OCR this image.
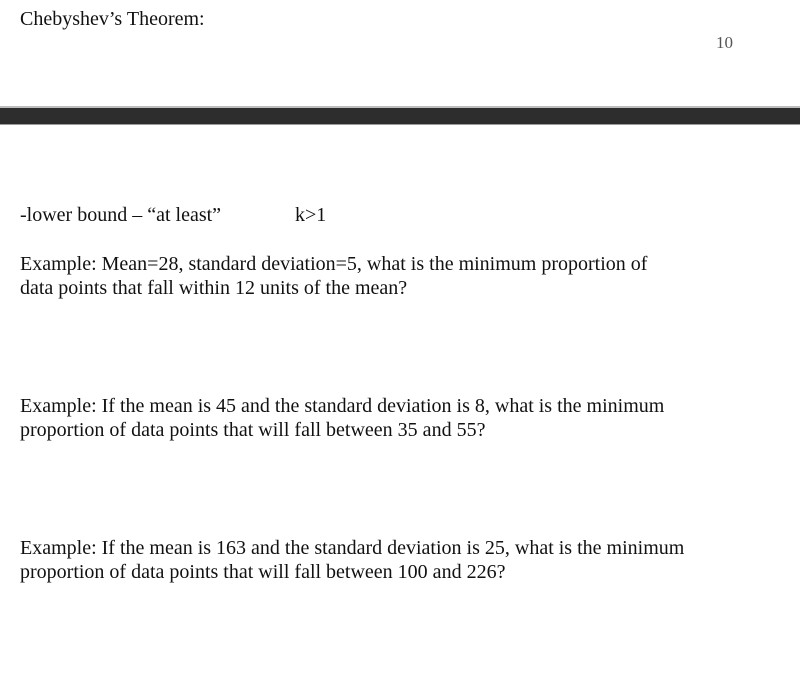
Chebyshev’s Theorem:
10
-lower bound – “at least”	k>1
Example: Mean=28, standard deviation=5, what is the minimum proportion of
data points that fall within 12 units of the mean?
Example: If the mean is 45 and the standard deviation is 8, what is the minimum
proportion of data points that will fall between 35 and 55?
Example: If the mean is 163 and the standard deviation is 25, what is the minimum
proportion of data points that will fall between 100 and 226?
